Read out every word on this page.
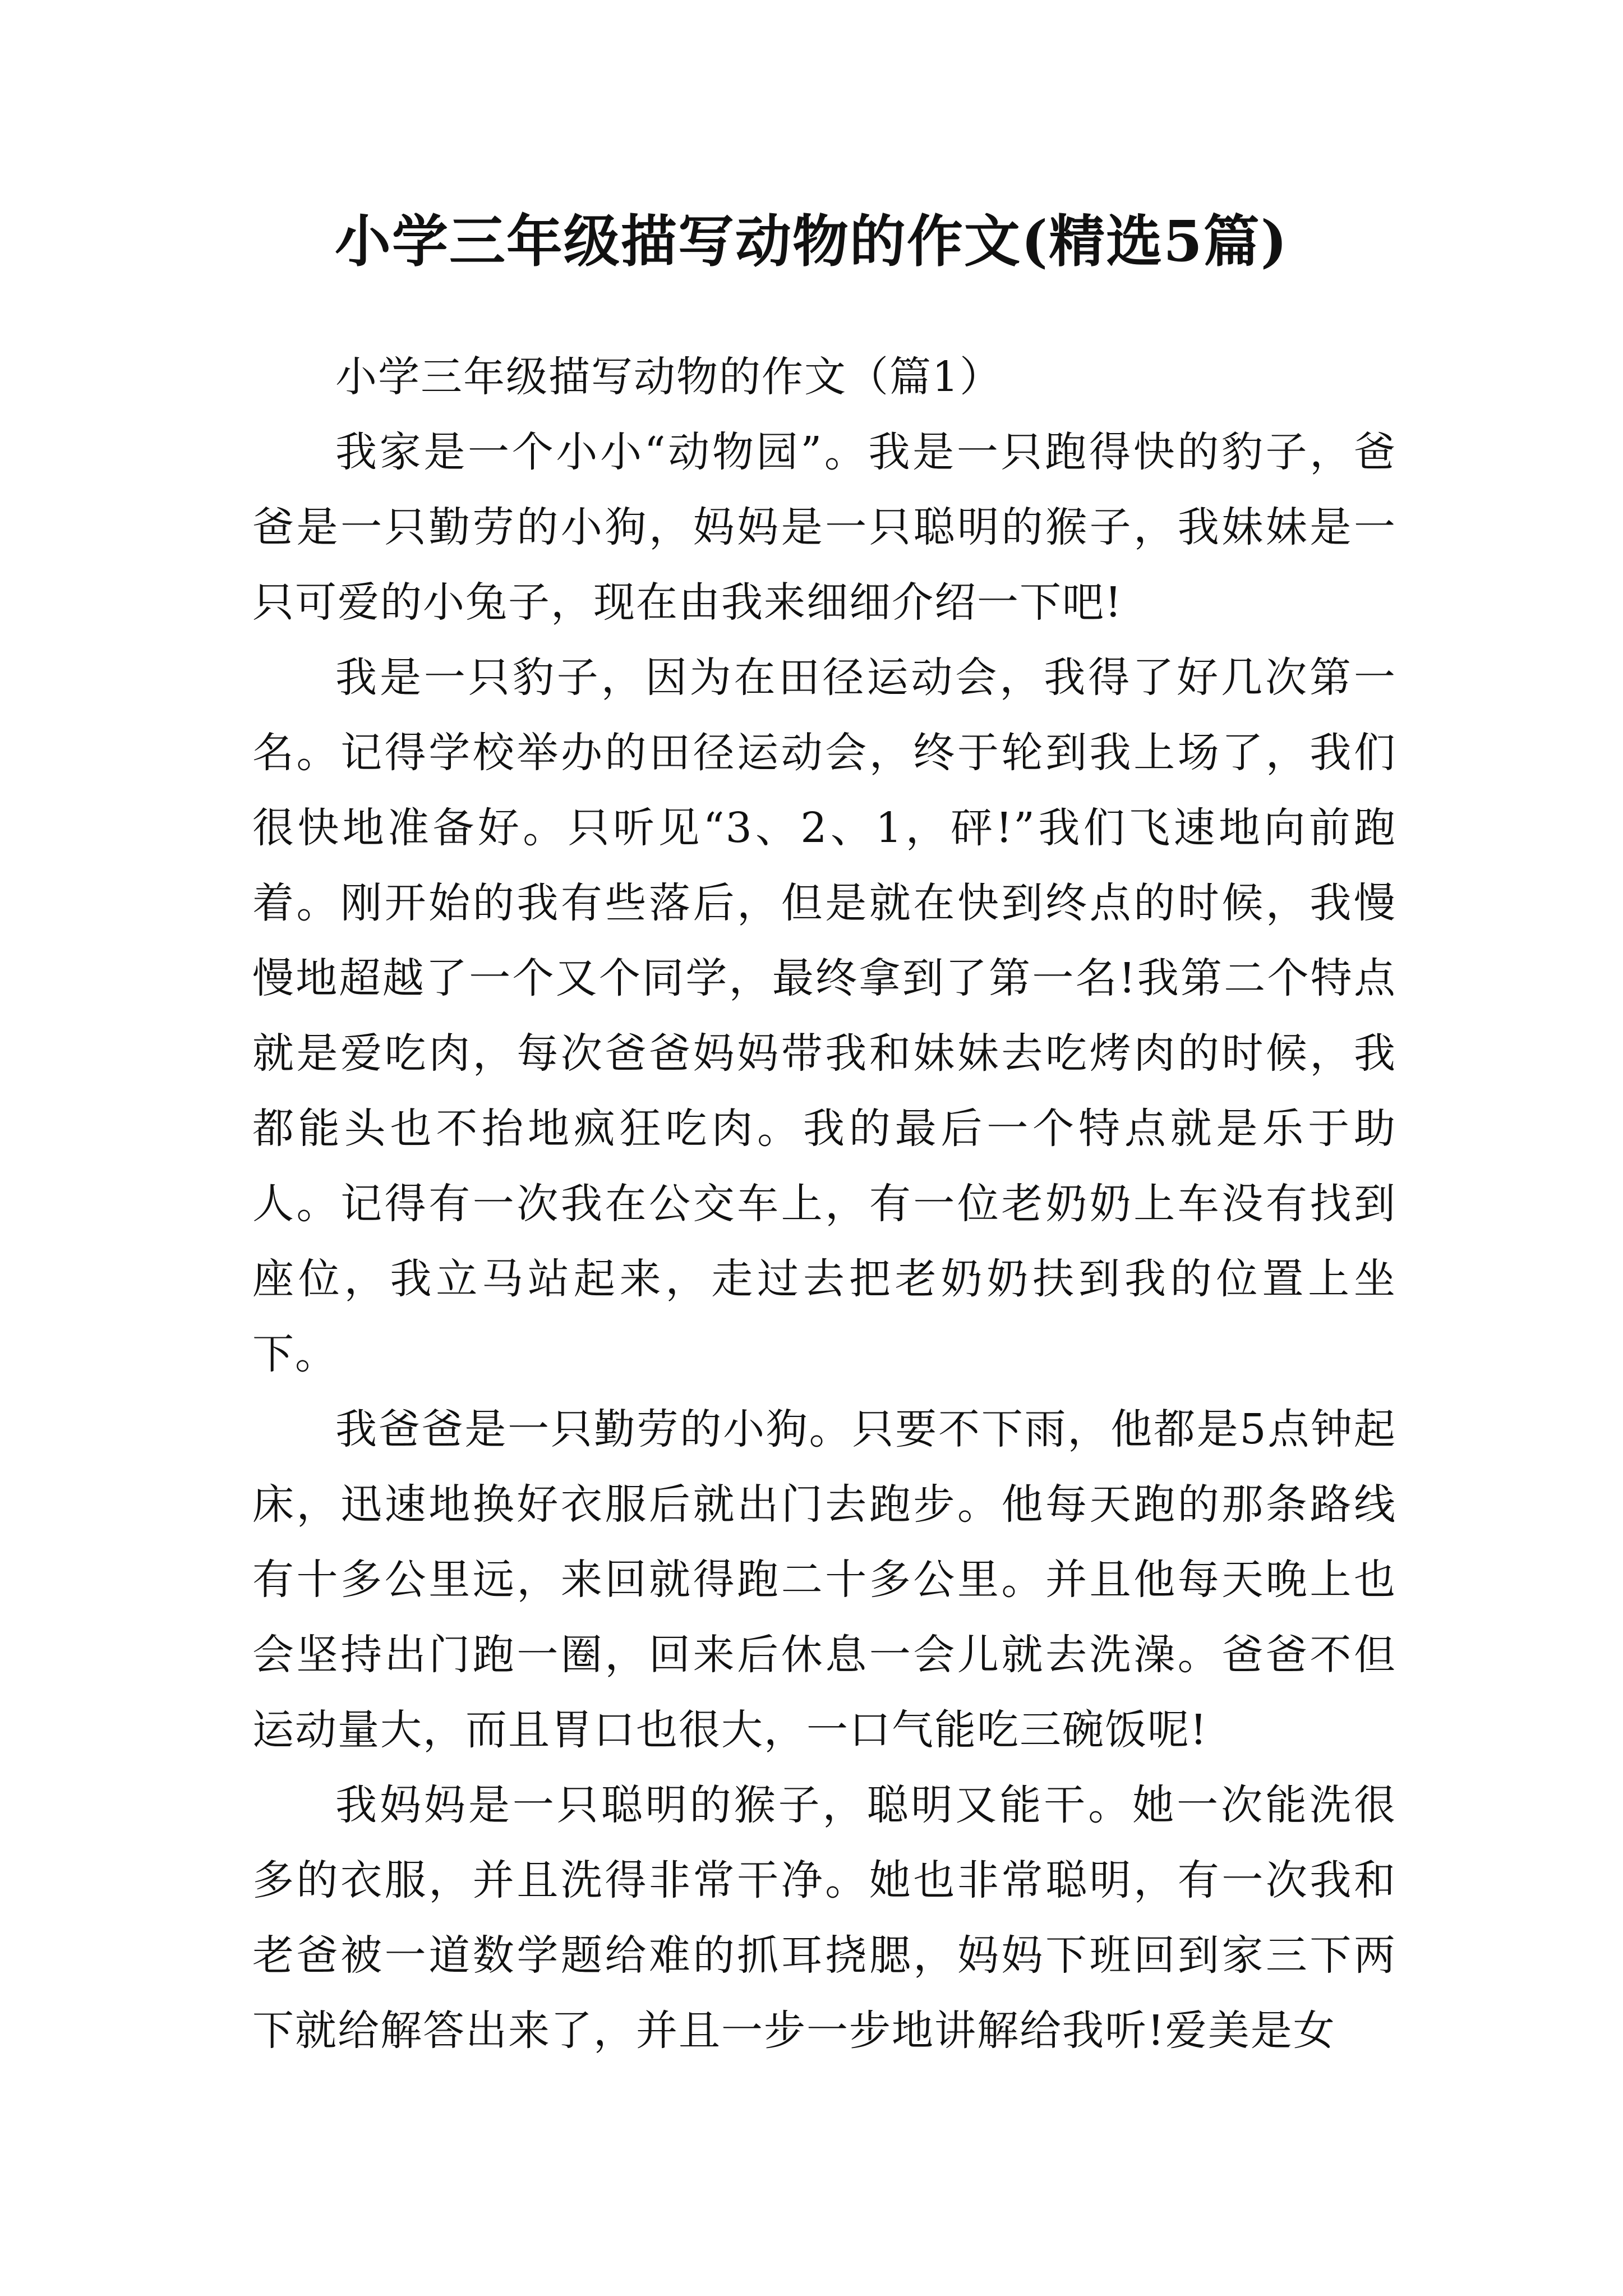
小学三年级描写动物的作文(精选5篇)

小学三年级描写动物的作文（篇1）

我家是一个小小“动物园”。我是一只跑得快的豹子，爸爸是一只勤劳的小狗，妈妈是一只聪明的猴子，我妹妹是一只可爱的小兔子，现在由我来细细介绍一下吧!

我是一只豹子，因为在田径运动会，我得了好几次第一名。记得学校举办的田径运动会，终于轮到我上场了，我们很快地准备好。只听见“3、2、1，砰!”我们飞速地向前跑着。刚开始的我有些落后，但是就在快到终点的时候，我慢慢地超越了一个又个同学，最终拿到了第一名!我第二个特点就是爱吃肉，每次爸爸妈妈带我和妹妹去吃烤肉的时候，我都能头也不抬地疯狂吃肉。我的最后一个特点就是乐于助人。记得有一次我在公交车上，有一位老奶奶上车没有找到座位，我立马站起来，走过去把老奶奶扶到我的位置上坐下。

我爸爸是一只勤劳的小狗。只要不下雨，他都是5点钟起床，迅速地换好衣服后就出门去跑步。他每天跑的那条路线有十多公里远，来回就得跑二十多公里。并且他每天晚上也会坚持出门跑一圈，回来后休息一会儿就去洗澡。爸爸不但运动量大，而且胃口也很大，一口气能吃三碗饭呢!

我妈妈是一只聪明的猴子，聪明又能干。她一次能洗很多的衣服，并且洗得非常干净。她也非常聪明，有一次我和老爸被一道数学题给难的抓耳挠腮，妈妈下班回到家三下两下就给解答出来了，并且一步一步地讲解给我听!爱美是女
